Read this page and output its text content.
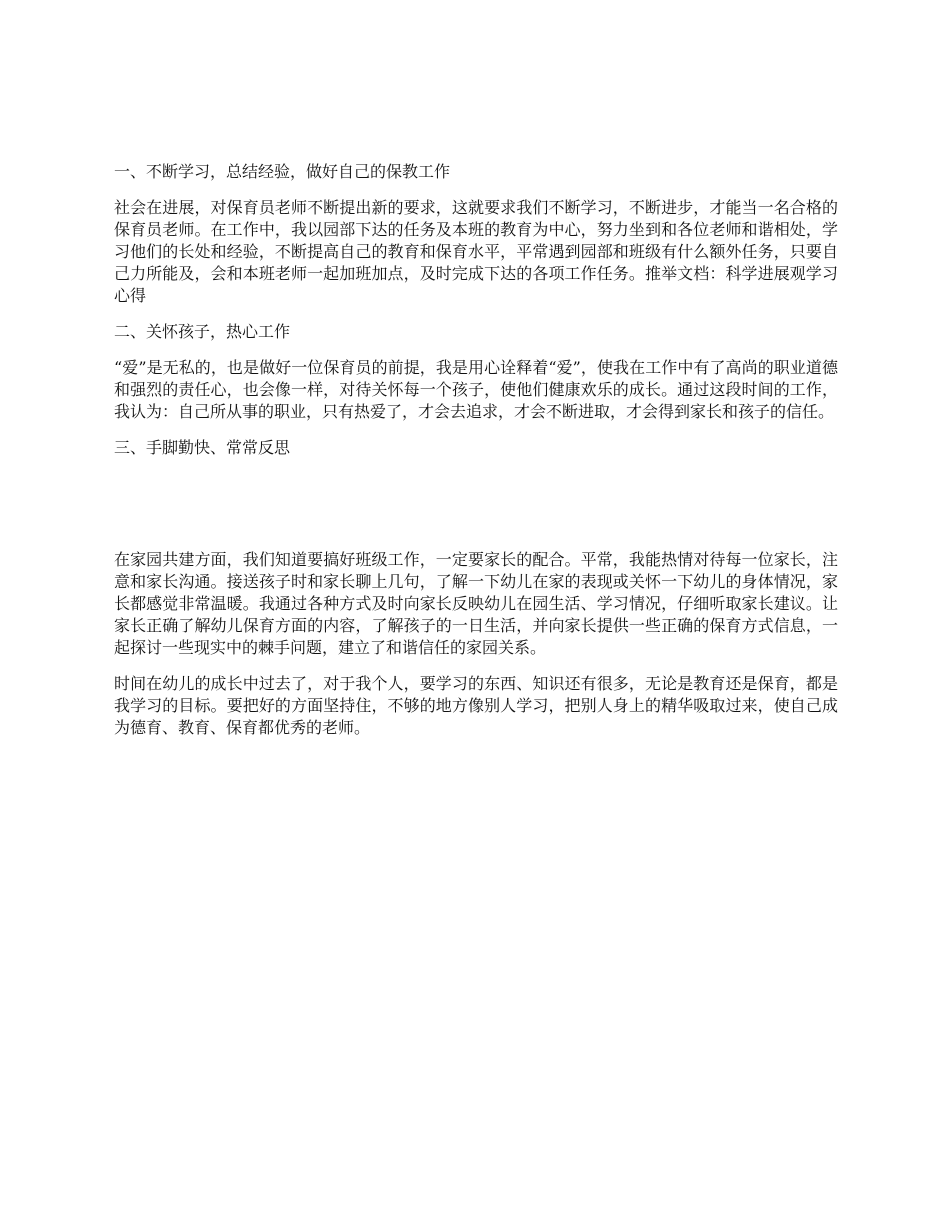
一、不断学习，总结经验，做好自己的保教工作

社会在进展，对保育员老师不断提出新的要求，这就要求我们不断学习，不断进步，才能当一名合格的保育员老师。在工作中，我以园部下达的任务及本班的教育为中心，努力坐到和各位老师和谐相处，学习他们的长处和经验，不断提高自己的教育和保育水平，平常遇到园部和班级有什么额外任务，只要自己力所能及，会和本班老师一起加班加点，及时完成下达的各项工作任务。推举文档：科学进展观学习心得

二、关怀孩子，热心工作

“爱”是无私的，也是做好一位保育员的前提，我是用心诠释着“爱”，使我在工作中有了高尚的职业道德和强烈的责任心，也会像一样，对待关怀每一个孩子，使他们健康欢乐的成长。通过这段时间的工作，我认为：自己所从事的职业，只有热爱了，才会去追求，才会不断进取，才会得到家长和孩子的信任。

三、手脚勤快、常常反思

在家园共建方面，我们知道要搞好班级工作，一定要家长的配合。平常，我能热情对待每一位家长，注意和家长沟通。接送孩子时和家长聊上几句，了解一下幼儿在家的表现或关怀一下幼儿的身体情况，家长都感觉非常温暖。我通过各种方式及时向家长反映幼儿在园生活、学习情况，仔细听取家长建议。让家长正确了解幼儿保育方面的内容，了解孩子的一日生活，并向家长提供一些正确的保育方式信息，一起探讨一些现实中的棘手问题，建立了和谐信任的家园关系。

时间在幼儿的成长中过去了，对于我个人，要学习的东西、知识还有很多，无论是教育还是保育，都是我学习的目标。要把好的方面坚持住，不够的地方像别人学习，把别人身上的精华吸取过来，使自己成为德育、教育、保育都优秀的老师。
